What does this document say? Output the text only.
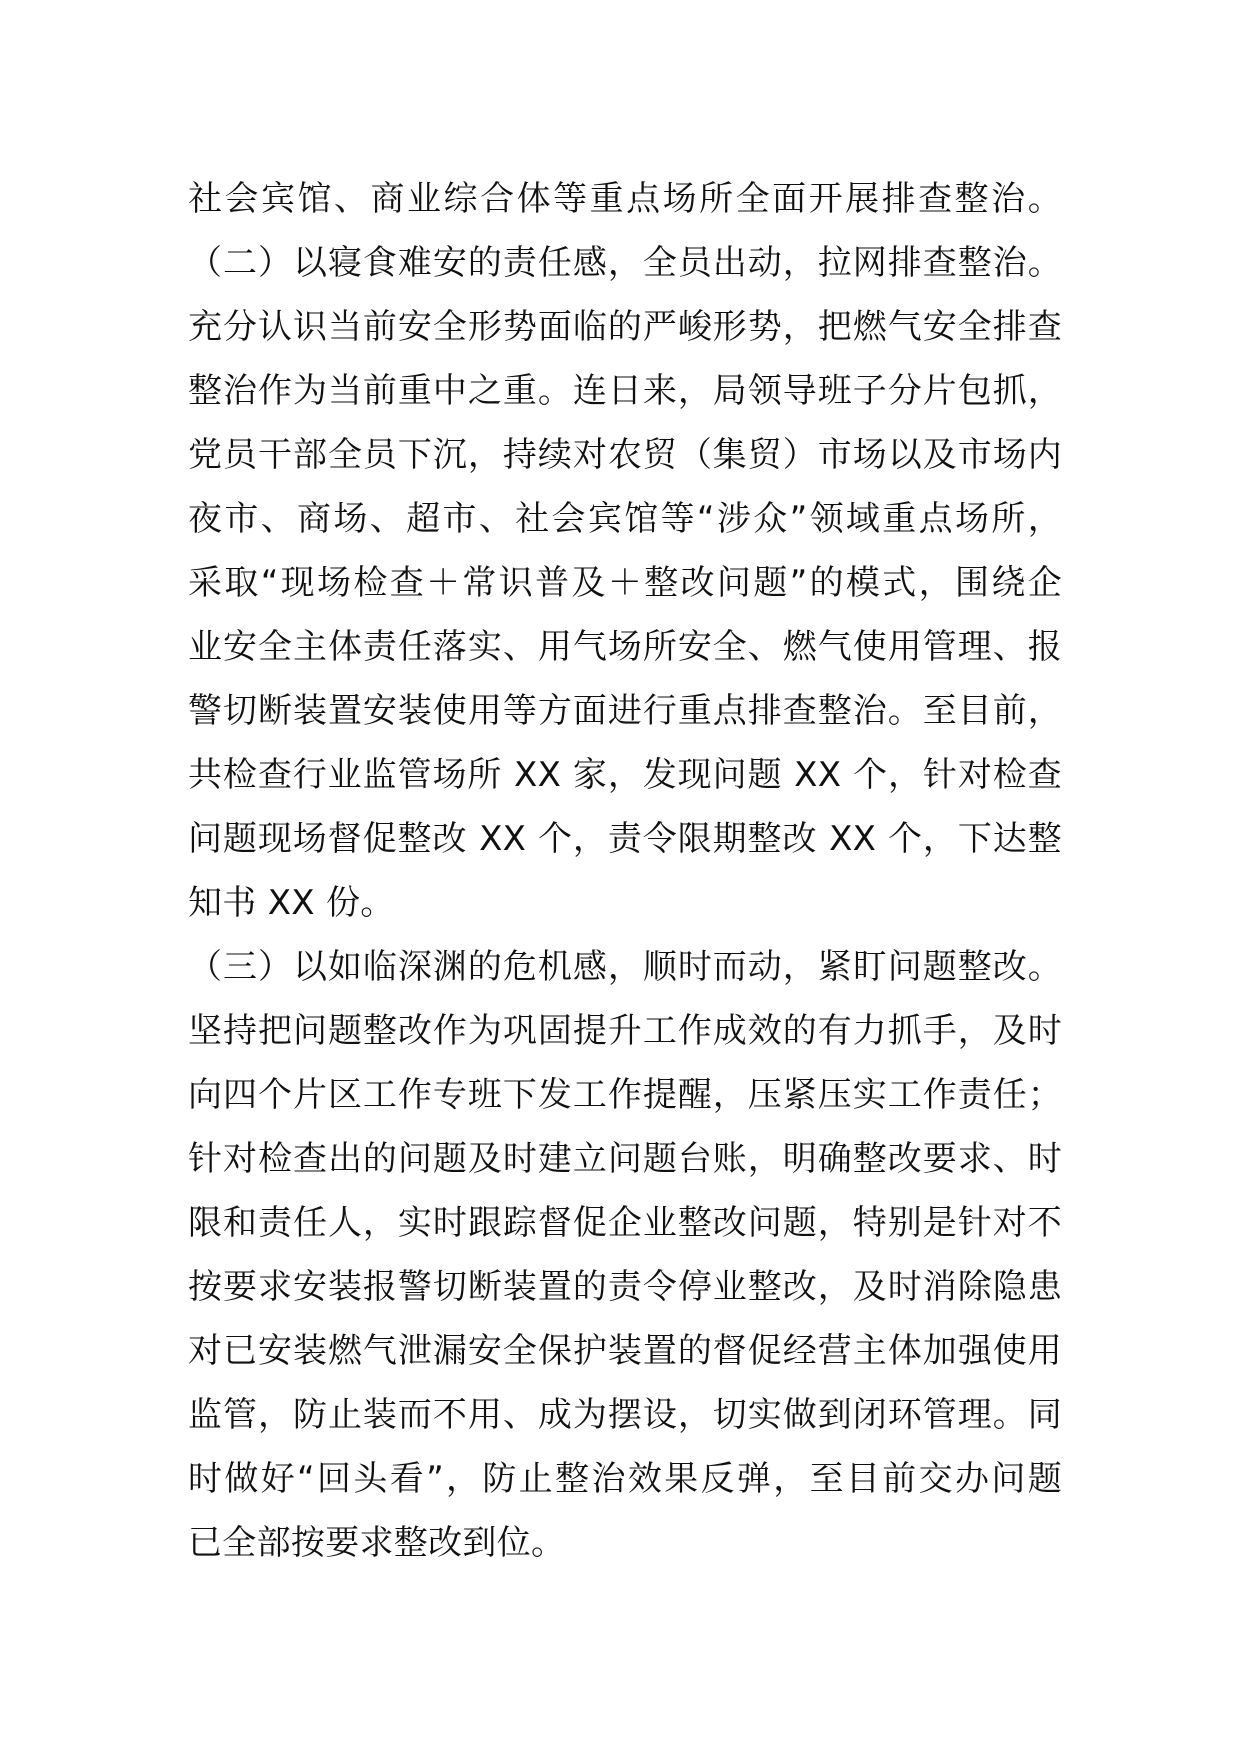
社会宾馆、商业综合体等重点场所全面开展排查整治。
（二）以寝食难安的责任感，全员出动，拉网排查整治。
充分认识当前安全形势面临的严峻形势，把燃气安全排查
整治作为当前重中之重。连日来，局领导班子分片包抓，
党员干部全员下沉，持续对农贸（集贸）市场以及市场内
夜市、商场、超市、社会宾馆等“涉众”领域重点场所，
采取“现场检查＋常识普及＋整改问题”的模式，围绕企
业安全主体责任落实、用气场所安全、燃气使用管理、报
警切断装置安装使用等方面进行重点排查整治。至目前，
共检查行业监管场所 XX 家，发现问题 XX 个，针对检查
问题现场督促整改 XX 个，责令限期整改 XX 个，下达整
知书 XX 份。
（三）以如临深渊的危机感，顺时而动，紧盯问题整改。
坚持把问题整改作为巩固提升工作成效的有力抓手，及时
向四个片区工作专班下发工作提醒，压紧压实工作责任；
针对检查出的问题及时建立问题台账，明确整改要求、时
限和责任人，实时跟踪督促企业整改问题，特别是针对不
按要求安装报警切断装置的责令停业整改，及时消除隐患
对已安装燃气泄漏安全保护装置的督促经营主体加强使用
监管，防止装而不用、成为摆设，切实做到闭环管理。同
时做好“回头看”，防止整治效果反弹，至目前交办问题
已全部按要求整改到位。
